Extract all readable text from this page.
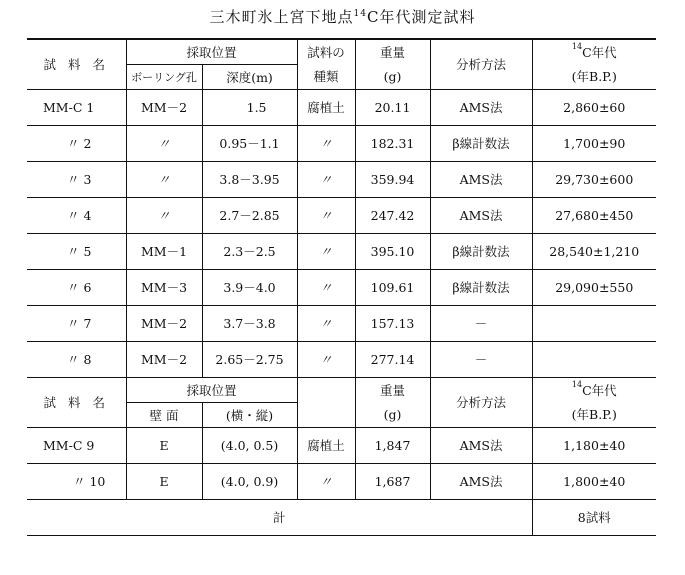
三木町氷上宮下地点$^{14}$C年代測定試料
試 料 名	採取位置		試料の	重量	分析方法	$^{14}$C年代
	ボーリング孔	深度(m)	種類	(g)		(年B.P.)
MM-C 1	MM－2	1.5	腐植土	20.11	AMS法	2,860±60
〃 2	〃	0.95－1.1	〃	182.31	β線計数法	1,700±90
〃 3	〃	3.8－3.95	〃	359.94	AMS法	29,730±600
〃 4	〃	2.7－2.85	〃	247.42	AMS法	27,680±450
〃 5	MM－1	2.3－2.5	〃	395.10	β線計数法	28,540±1,210
〃 6	MM－3	3.9－4.0	〃	109.61	β線計数法	29,090±550
〃 7	MM－2	3.7－3.8	〃	157.13	－	
〃 8	MM－2	2.65－2.75	〃	277.14	－	
試 料 名	採取位置			重量	分析方法	$^{14}$C年代
	壁 面	(横・縦)		(g)		(年B.P.)
MM-C 9	E	(4.0, 0.5)	腐植土	1,847	AMS法	1,180±40
〃 10	E	(4.0, 0.9)	〃	1,687	AMS法	1,800±40
計						8試料
